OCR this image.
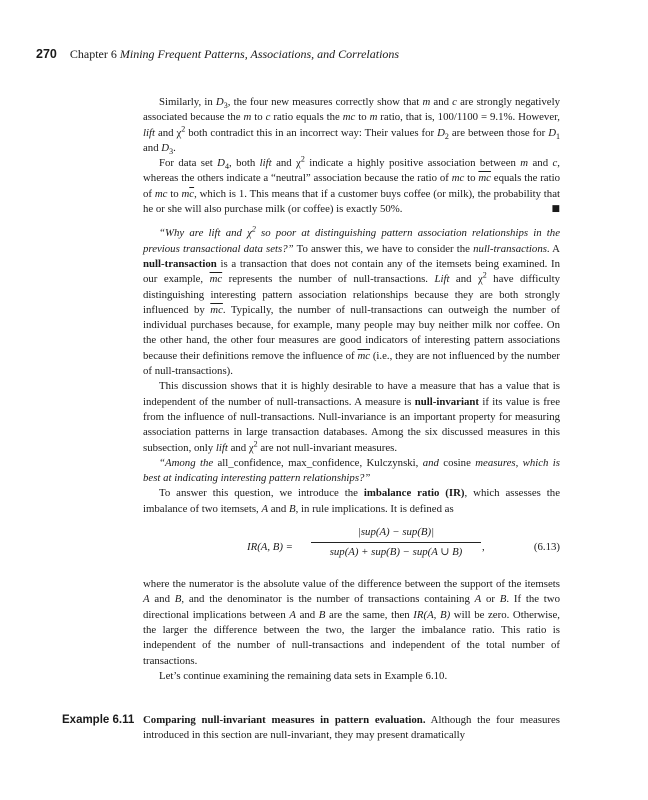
270 Chapter 6 Mining Frequent Patterns, Associations, and Correlations

Similarly, in $D_3$, the four new measures correctly show that m and c are strongly negatively associated because the m to c ratio equals the mc to m ratio, that is, 100/1100 = 9.1%. However, lift and $\chi^2$ both contradict this in an incorrect way: Their values for $D_2$ are between those for $D_1$ and $D_3$.

For data set $D_4$, both lift and $\chi^2$ indicate a highly positive association between m and c, whereas the others indicate a “neutral” association because the ratio of mc to $\overline{mc}$ equals the ratio of mc to $m\overline{c}$, which is 1. This means that if a customer buys coffee (or milk), the probability that he or she will also purchase milk (or coffee) is exactly 50%.	■

“Why are lift and $\chi^2$ so poor at distinguishing pattern association relationships in the previous transactional data sets?” To answer this, we have to consider the null-transactions. A null-transaction is a transaction that does not contain any of the itemsets being examined. In our example, $\overline{mc}$ represents the number of null-transactions. Lift and $\chi^2$ have difficulty distinguishing interesting pattern association relationships because they are both strongly influenced by $\overline{mc}$. Typically, the number of null-transactions can outweigh the number of individual purchases because, for example, many people may buy neither milk nor coffee. On the other hand, the other four measures are good indicators of interesting pattern associations because their definitions remove the influence of $\overline{mc}$ (i.e., they are not influenced by the number of null-transactions).

This discussion shows that it is highly desirable to have a measure that has a value that is independent of the number of null-transactions. A measure is null-invariant if its value is free from the influence of null-transactions. Null-invariance is an important property for measuring association patterns in large transaction databases. Among the six discussed measures in this subsection, only lift and $\chi^2$ are not null-invariant measures.

“Among the all_confidence, max_confidence, Kulczynski, and cosine measures, which is best at indicating interesting pattern relationships?”

To answer this question, we introduce the imbalance ratio (IR), which assesses the imbalance of two itemsets, A and B, in rule implications. It is defined as

IR(A, B) =
|sup(A) − sup(B)|
sup(A) + sup(B) − sup(A ∪ B)	,	(6.13)

where the numerator is the absolute value of the difference between the support of the itemsets A and B, and the denominator is the number of transactions containing A or B. If the two directional implications between A and B are the same, then IR(A, B) will be zero. Otherwise, the larger the difference between the two, the larger the imbalance ratio. This ratio is independent of the number of null-transactions and independent of the total number of transactions.

Let’s continue examining the remaining data sets in Example 6.10.

Example 6.11 Comparing null-invariant measures in pattern evaluation. Although the four measures introduced in this section are null-invariant, they may present dramatically
